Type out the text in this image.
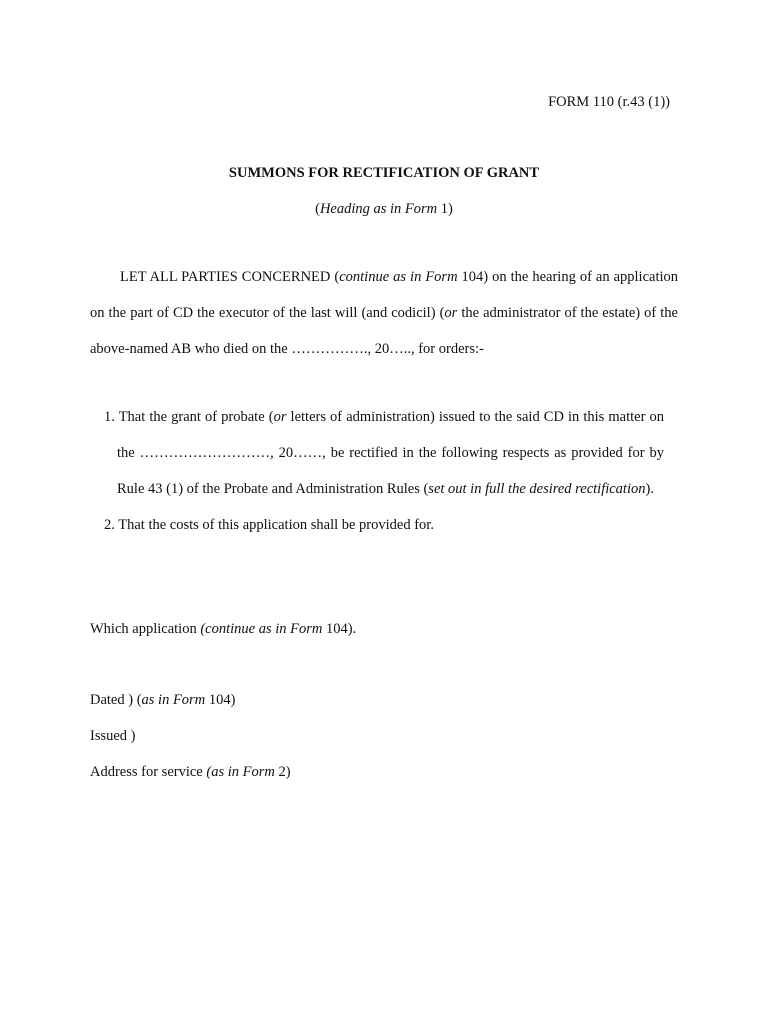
FORM 110 (r.43 (1))
SUMMONS FOR RECTIFICATION OF GRANT
(Heading as in Form 1)
LET ALL PARTIES CONCERNED (continue as in Form 104) on the hearing of an application on the part of CD the executor of the last will (and codicil) (or the administrator of the estate) of the above-named AB who died on the ……………., 20….., for orders:-
1. That the grant of probate (or letters of administration) issued to the said CD in this matter on the ………………………, 20……, be rectified in the following respects as provided for by Rule 43 (1) of the Probate and Administration Rules (set out in full the desired rectification).
2. That the costs of this application shall be provided for.
Which application (continue as in Form 104).
Dated ) (as in Form 104)
Issued )
Address for service (as in Form 2)
